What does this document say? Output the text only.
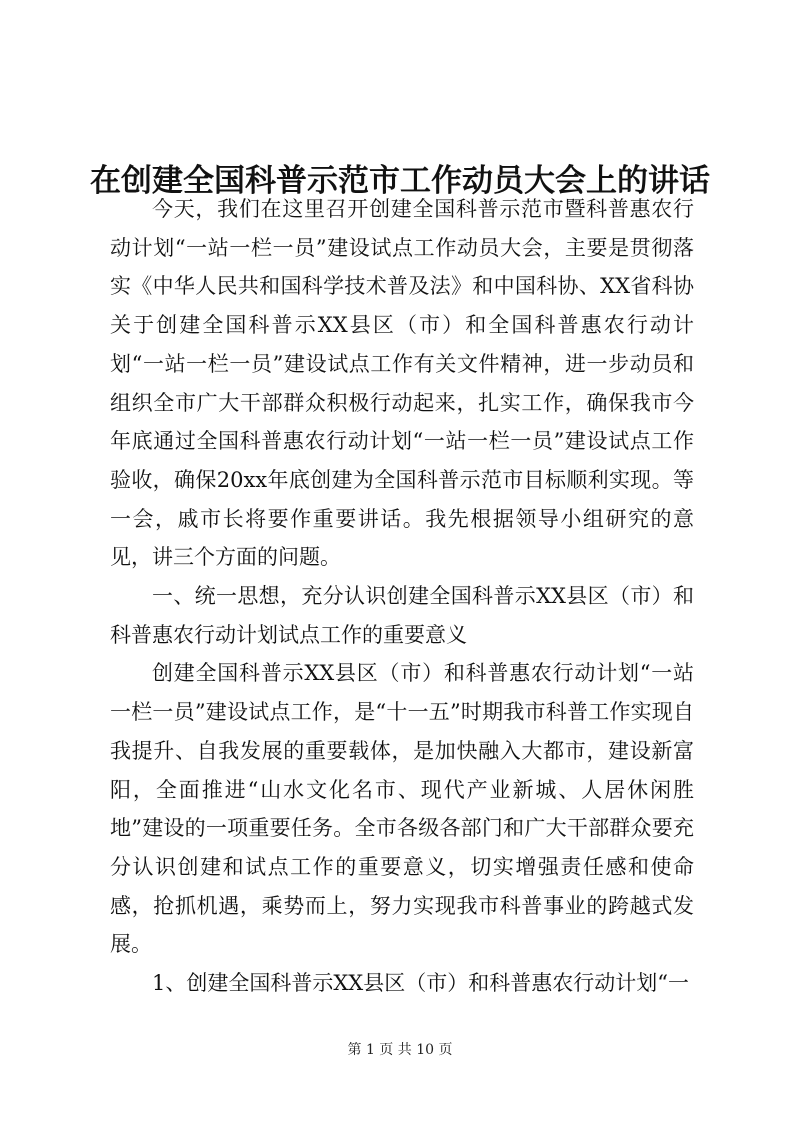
在创建全国科普示范市工作动员大会上的讲话

今天，我们在这里召开创建全国科普示范市暨科普惠农行动计划“一站一栏一员”建设试点工作动员大会，主要是贯彻落实《中华人民共和国科学技术普及法》和中国科协、XX省科协关于创建全国科普示XX县区（市）和全国科普惠农行动计划“一站一栏一员”建设试点工作有关文件精神，进一步动员和组织全市广大干部群众积极行动起来，扎实工作，确保我市今年底通过全国科普惠农行动计划“一站一栏一员”建设试点工作验收，确保20xx年底创建为全国科普示范市目标顺利实现。等一会，戚市长将要作重要讲话。我先根据领导小组研究的意见，讲三个方面的问题。

一、统一思想，充分认识创建全国科普示XX县区（市）和科普惠农行动计划试点工作的重要意义

创建全国科普示XX县区（市）和科普惠农行动计划“一站一栏一员”建设试点工作，是“十一五”时期我市科普工作实现自我提升、自我发展的重要载体，是加快融入大都市，建设新富阳，全面推进“山水文化名市、现代产业新城、人居休闲胜地”建设的一项重要任务。全市各级各部门和广大干部群众要充分认识创建和试点工作的重要意义，切实增强责任感和使命感，抢抓机遇，乘势而上，努力实现我市科普事业的跨越式发展。

1、创建全国科普示XX县区（市）和科普惠农行动计划“一

第 1 页 共 10 页
